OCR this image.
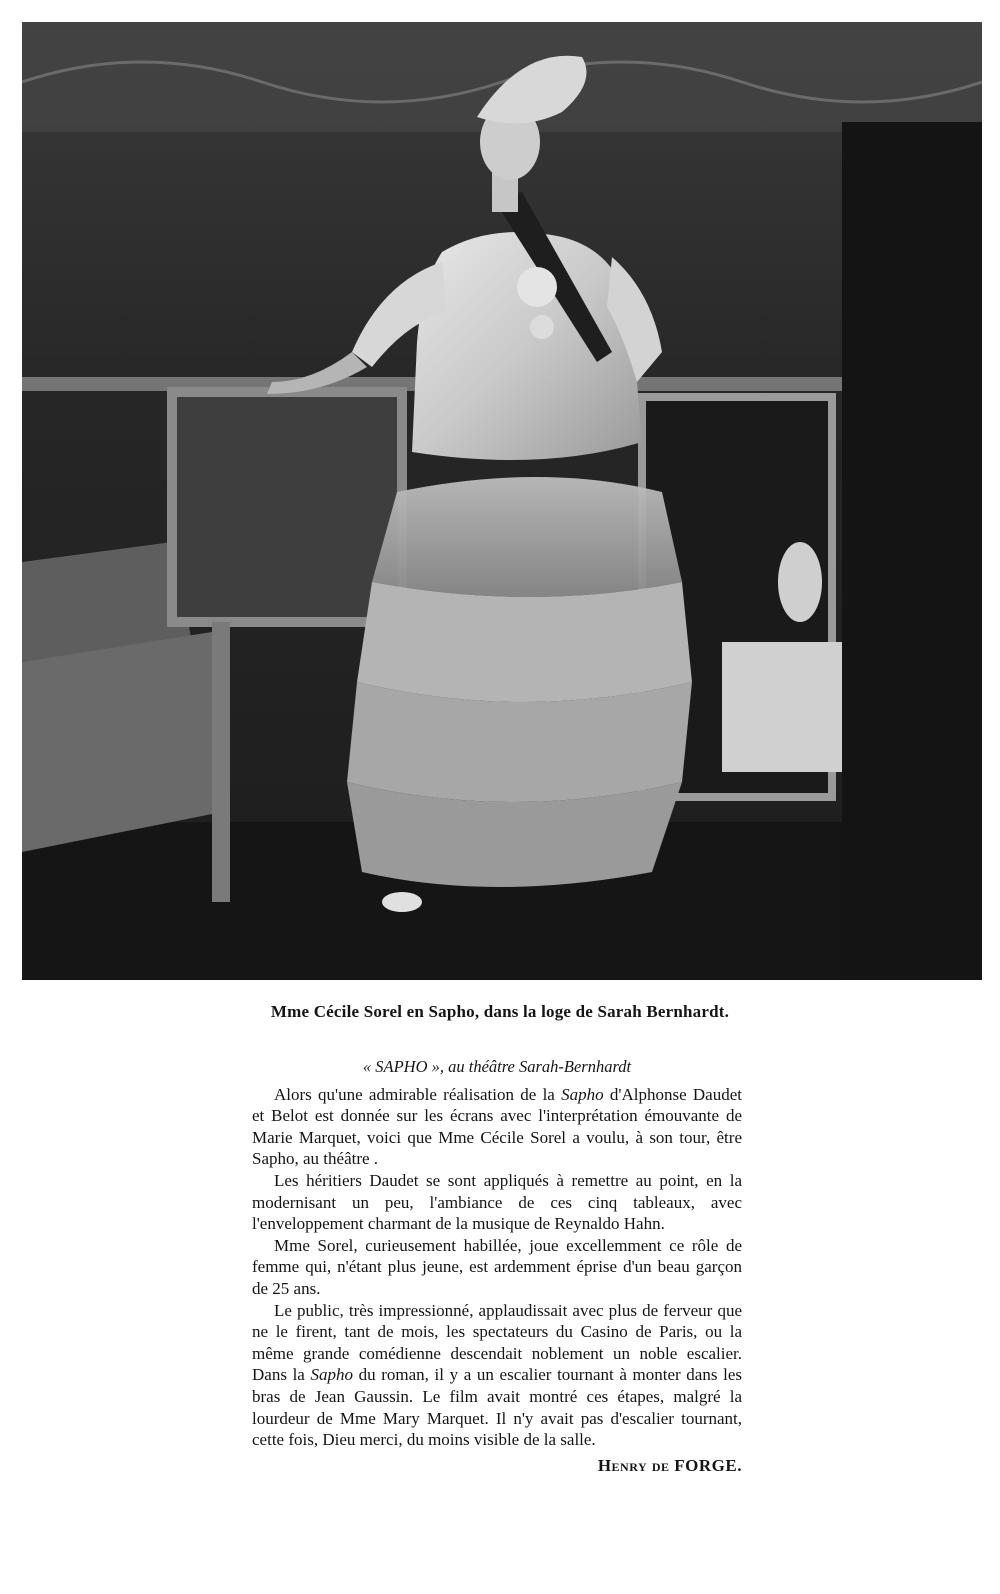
Mme Cécile Sorel en Sapho, dans la loge de Sarah Bernhardt.
« SAPHO », au théâtre Sarah-Bernhardt

Alors qu'une admirable réalisation de la Sapho d'Alphonse Daudet et Belot est donnée sur les écrans avec l'interprétation émouvante de Marie Marquet, voici que Mme Cécile Sorel a voulu, à son tour, être Sapho, au théâtre .

Les héritiers Daudet se sont appliqués à remettre au point, en la modernisant un peu, l'ambiance de ces cinq tableaux, avec l'enveloppement charmant de la musique de Reynaldo Hahn.

Mme Sorel, curieusement habillée, joue excellemment ce rôle de femme qui, n'étant plus jeune, est ardemment éprise d'un beau garçon de 25 ans.

Le public, très impressionné, applaudissait avec plus de ferveur que ne le firent, tant de mois, les spectateurs du Casino de Paris, ou la même grande comédienne descendait noblement un noble escalier. Dans la Sapho du roman, il y a un escalier tournant à monter dans les bras de Jean Gaussin. Le film avait montré ces étapes, malgré la lourdeur de Mme Mary Marquet. Il n'y avait pas d'escalier tournant, cette fois, Dieu merci, du moins visible de la salle.

Henry de FORGE.
